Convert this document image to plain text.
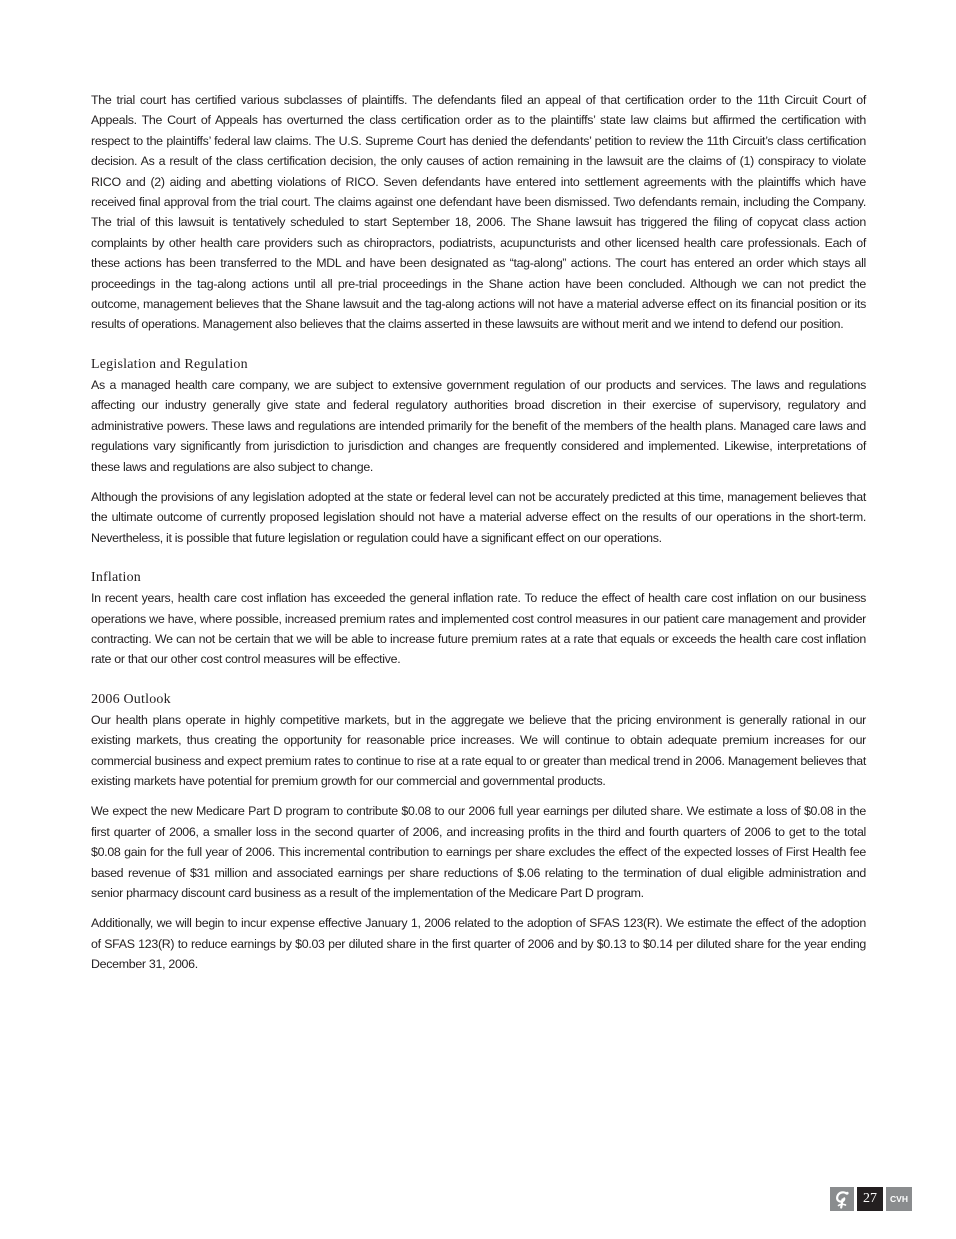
The trial court has certified various subclasses of plaintiffs. The defendants filed an appeal of that certification order to the 11th Circuit Court of Appeals. The Court of Appeals has overturned the class certification order as to the plaintiffs’ state law claims but affirmed the certification with respect to the plaintiffs’ federal law claims. The U.S. Supreme Court has denied the defendants’ petition to review the 11th Circuit’s class certification decision. As a result of the class certification decision, the only causes of action remaining in the lawsuit are the claims of (1) conspiracy to violate RICO and (2) aiding and abetting violations of RICO. Seven defendants have entered into settlement agreements with the plaintiffs which have received final approval from the trial court. The claims against one defendant have been dismissed. Two defendants remain, including the Company. The trial of this lawsuit is tentatively scheduled to start September 18, 2006. The Shane lawsuit has triggered the filing of copycat class action complaints by other health care providers such as chiropractors, podiatrists, acupuncturists and other licensed health care professionals. Each of these actions has been transferred to the MDL and have been designated as “tag-along” actions. The court has entered an order which stays all proceedings in the tag-along actions until all pre-trial proceedings in the Shane action have been concluded. Although we can not predict the outcome, management believes that the Shane lawsuit and the tag-along actions will not have a material adverse effect on its financial position or its results of operations. Management also believes that the claims asserted in these lawsuits are without merit and we intend to defend our position.

Legislation and Regulation

As a managed health care company, we are subject to extensive government regulation of our products and services. The laws and regulations affecting our industry generally give state and federal regulatory authorities broad discretion in their exercise of supervisory, regulatory and administrative powers. These laws and regulations are intended primarily for the benefit of the members of the health plans. Managed care laws and regulations vary significantly from jurisdiction to jurisdiction and changes are frequently considered and implemented. Likewise, interpretations of these laws and regulations are also subject to change.

Although the provisions of any legislation adopted at the state or federal level can not be accurately predicted at this time, management believes that the ultimate outcome of currently proposed legislation should not have a material adverse effect on the results of our operations in the short-term. Nevertheless, it is possible that future legislation or regulation could have a significant effect on our operations.

Inflation

In recent years, health care cost inflation has exceeded the general inflation rate. To reduce the effect of health care cost inflation on our business operations we have, where possible, increased premium rates and implemented cost control measures in our patient care management and provider contracting. We can not be certain that we will be able to increase future premium rates at a rate that equals or exceeds the health care cost inflation rate or that our other cost control measures will be effective.

2006 Outlook

Our health plans operate in highly competitive markets, but in the aggregate we believe that the pricing environment is generally rational in our existing markets, thus creating the opportunity for reasonable price increases. We will continue to obtain adequate premium increases for our commercial business and expect premium rates to continue to rise at a rate equal to or greater than medical trend in 2006. Management believes that existing markets have potential for premium growth for our commercial and governmental products.

We expect the new Medicare Part D program to contribute $0.08 to our 2006 full year earnings per diluted share. We estimate a loss of $0.08 in the first quarter of 2006, a smaller loss in the second quarter of 2006, and increasing profits in the third and fourth quarters of 2006 to get to the total $0.08 gain for the full year of 2006. This incremental contribution to earnings per share excludes the effect of the expected losses of First Health fee based revenue of $31 million and associated earnings per share reductions of $.06 relating to the termination of dual eligible administration and senior pharmacy discount card business as a result of the implementation of the Medicare Part D program.

Additionally, we will begin to incur expense effective January 1, 2006 related to the adoption of SFAS 123(R). We estimate the effect of the adoption of SFAS 123(R) to reduce earnings by $0.03 per diluted share in the first quarter of 2006 and by $0.13 to $0.14 per diluted share for the year ending December 31, 2006.

27	CVH
